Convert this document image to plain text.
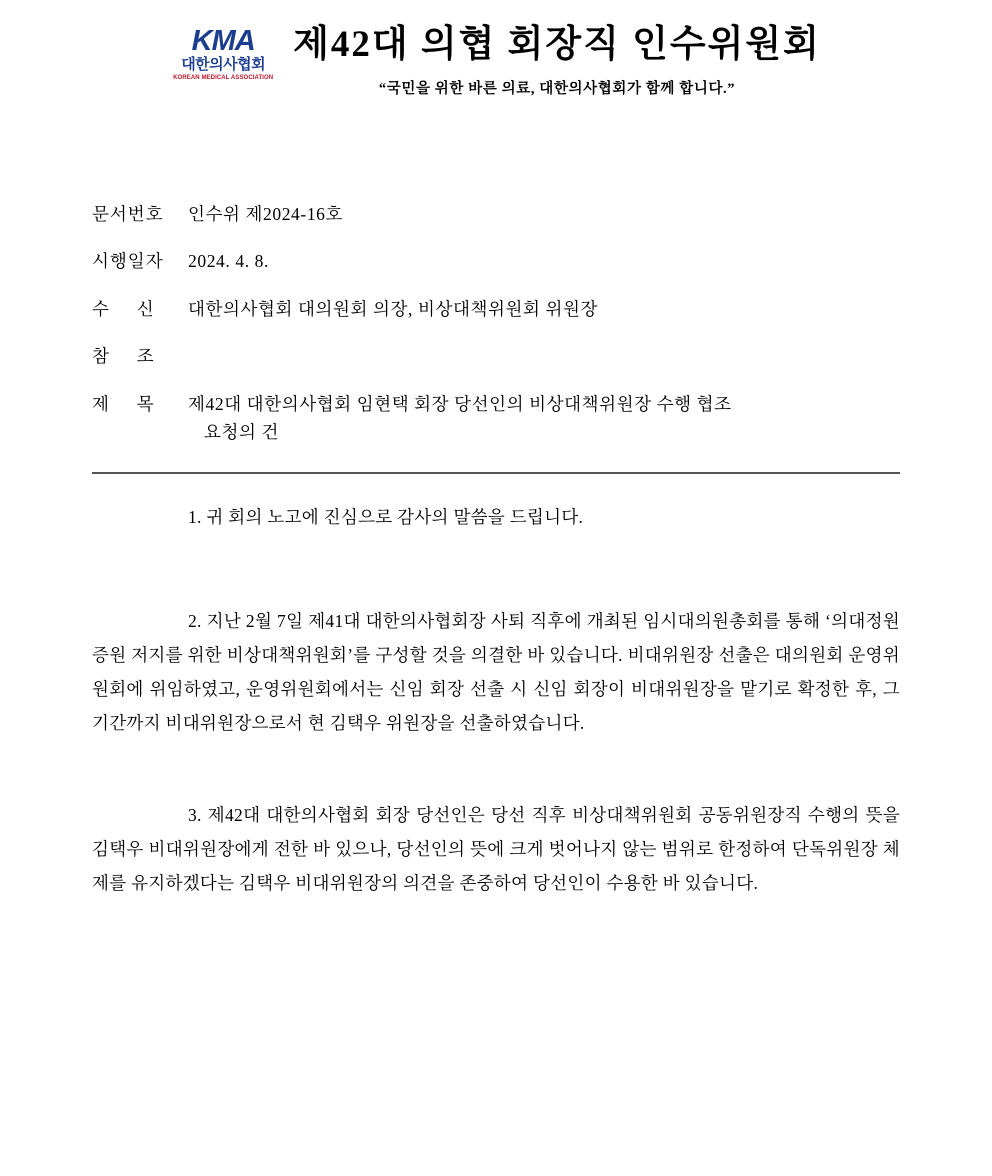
KMA
대한의사협회
KOREAN MEDICAL ASSOCIATION
제42대 의협 회장직 인수위원회
“국민을 위한 바른 의료, 대한의사협회가 함께 합니다.”
문서번호	인수위 제2024-16호
시행일자	2024. 4. 8.
수     신	대한의사협회 대의원회 의장, 비상대책위원회 위원장
참     조
제     목	제42대 대한의사협회 임현택 회장 당선인의 비상대책위원장 수행 협조
요청의 건

1. 귀 회의 노고에 진심으로 감사의 말씀을 드립니다.

2. 지난 2월 7일 제41대 대한의사협회장 사퇴 직후에 개최된 임시대의원총회를 통해 ‘의대정원 증원 저지를 위한 비상대책위원회’를 구성할 것을 의결한 바 있습니다. 비대위원장 선출은 대의원회 운영위원회에 위임하였고, 운영위원회에서는 신임 회장 선출 시 신임 회장이 비대위원장을 맡기로 확정한 후, 그 기간까지 비대위원장으로서 현 김택우 위원장을 선출하였습니다.

3. 제42대 대한의사협회 회장 당선인은 당선 직후 비상대책위원회 공동위원장직 수행의 뜻을 김택우 비대위원장에게 전한 바 있으나, 당선인의 뜻에 크게 벗어나지 않는 범위로 한정하여 단독위원장 체제를 유지하겠다는 김택우 비대위원장의 의견을 존중하여 당선인이 수용한 바 있습니다.
